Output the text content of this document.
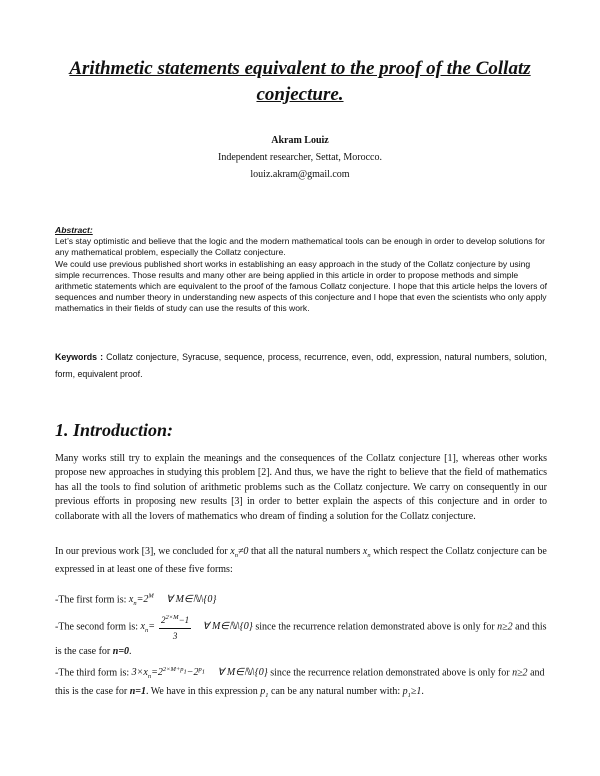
Arithmetic statements equivalent to the proof of the Collatz conjecture.
Akram Louiz
Independent researcher, Settat, Morocco.
louiz.akram@gmail.com
Abstract:
Let’s stay optimistic and believe that the logic and the modern mathematical tools can be enough in order to develop solutions for any mathematical problem, especially the Collatz conjecture.
We could use previous published short works in establishing an easy approach in the study of the Collatz conjecture by using simple recurrences. Those results and many other are being applied in this article in order to propose methods and simple arithmetic statements which are equivalent to the proof of the famous Collatz conjecture. I hope that this article helps the lovers of sequences and number theory in understanding new aspects of this conjecture and I hope that even the scientists who only apply mathematics in their fields of study can use the results of this work.
Keywords : Collatz conjecture, Syracuse, sequence, process, recurrence, even, odd, expression, natural numbers, solution, form, equivalent proof.
1. Introduction:

Many works still try to explain the meanings and the consequences of the Collatz conjecture [1], whereas other works propose new approaches in studying this problem [2]. And thus, we have the right to believe that the field of mathematics has all the tools to find solution of arithmetic problems such as the Collatz conjecture. We carry on consequently in our previous efforts in proposing new results [3] in order to better explain the aspects of this conjecture and in order to collaborate with all the lovers of mathematics who dream of finding a solution for the Collatz conjecture.

In our previous work [3], we concluded for $x_n\ne 0$ that all the natural numbers $x_n$ which respect the Collatz conjecture can be expressed in at least one of these five forms:

-The first form is: $x_n=2^M$     ∀ M∈ℕ\{0}
-The second form is: $x_n= \frac{2^{2\times M}-1}{3}$ ∀ M∈ℕ\{0} since the recurrence relation demonstrated above is only for n≥2 and this is the case for n=0.
-The third form is: $3\times x_n=2^{2\times M+p_1}-2^{p_1}$     ∀ M∈ℕ\{0} since the recurrence relation demonstrated above is only for n≥2 and this is the case for n=1. We have in this expression $p_1$ can be any natural number with: $p_1\ge 1$.
